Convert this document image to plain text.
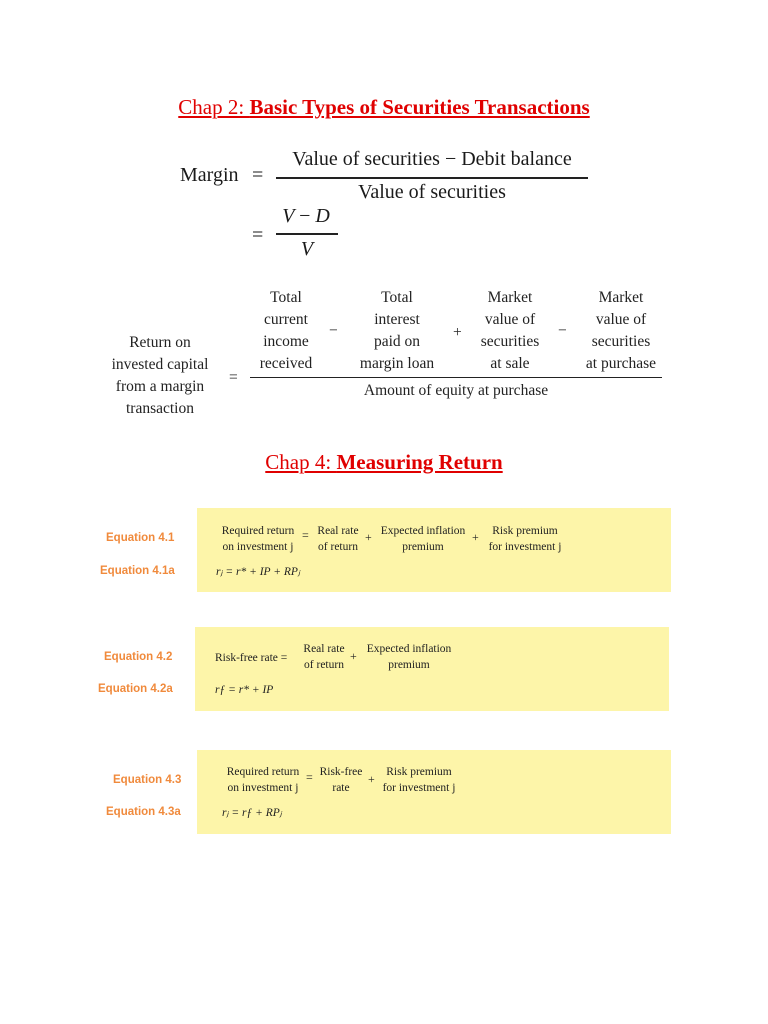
Chap 2: Basic Types of Securities Transactions
Margin =
Value of securities − Debit balance
Value of securities
=
V − D
V
Return on
invested capital
from a margin
transaction
=
Total
current
income
received
−
Total
interest
paid on
margin loan
+
Market
value of
securities
at sale
−
Market
value of
securities
at purchase
Amount of equity at purchase
Chap 4: Measuring Return
Equation 4.1
Equation 4.1a
Required return
on investment j
= Real rate
of return
+ Expected inflation
premium
+	Risk premium
for investment j
rⱼ = r* + IP + RPⱼ
Equation 4.2
Equation 4.2a
Risk-free rate =
Real rate
of return
+ Expected inflation
premium
rƒ = r* + IP
Equation 4.3
Equation 4.3a
Required return
on investment j
= Risk-free
rate
+ Risk premium
for investment j
rⱼ = rƒ + RPⱼ
